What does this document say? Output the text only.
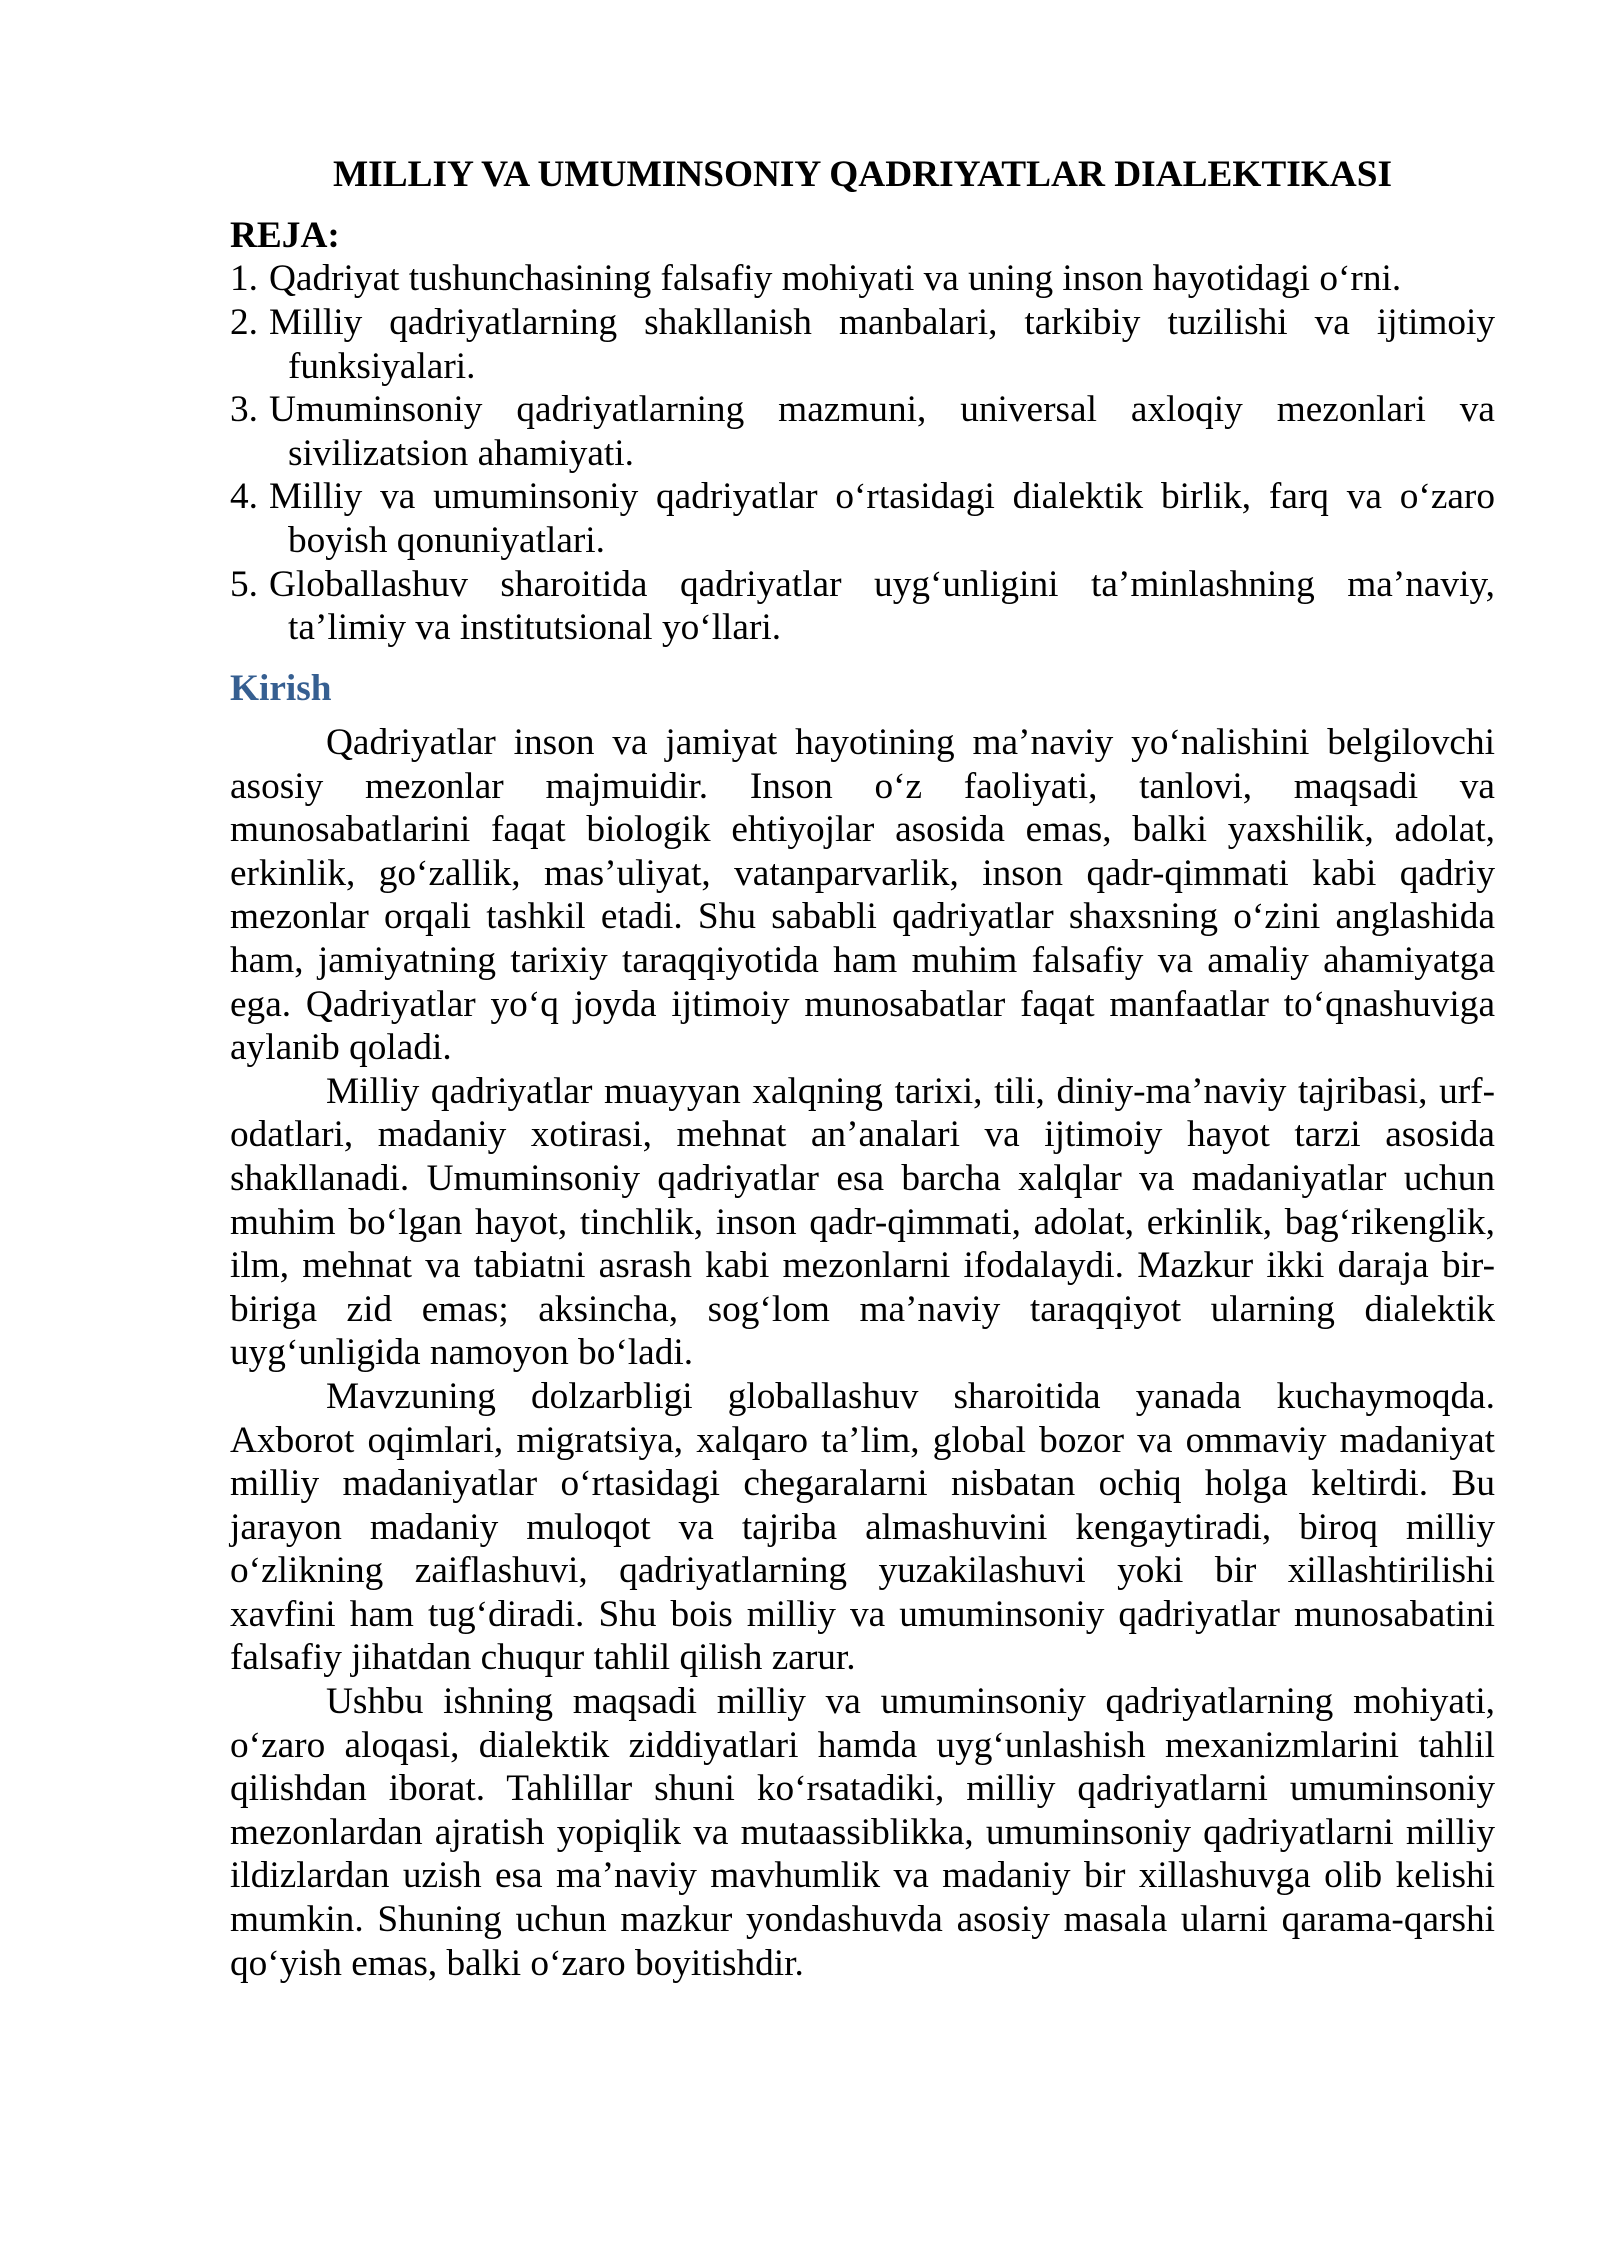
MILLIY VA UMUMINSONIY QADRIYATLAR DIALEKTIKASI
REJA:
1. Qadriyat tushunchasining falsafiy mohiyati va uning inson hayotidagi o‘rni.
2. Milliy qadriyatlarning shakllanish manbalari, tarkibiy tuzilishi va ijtimoiy
funksiyalari.
3. Umuminsoniy qadriyatlarning mazmuni, universal axloqiy mezonlari va
sivilizatsion ahamiyati.
4. Milliy va umuminsoniy qadriyatlar o‘rtasidagi dialektik birlik, farq va o‘zaro
boyish qonuniyatlari.
5. Globallashuv sharoitida qadriyatlar uyg‘unligini ta’minlashning ma’naviy,
ta’limiy va institutsional yo‘llari.
Kirish
Qadriyatlar inson va jamiyat hayotining ma’naviy yo‘nalishini belgilovchi
asosiy mezonlar majmuidir. Inson o‘z faoliyati, tanlovi, maqsadi va
munosabatlarini faqat biologik ehtiyojlar asosida emas, balki yaxshilik, adolat,
erkinlik, go‘zallik, mas’uliyat, vatanparvarlik, inson qadr-qimmati kabi qadriy
mezonlar orqali tashkil etadi. Shu sababli qadriyatlar shaxsning o‘zini anglashida
ham, jamiyatning tarixiy taraqqiyotida ham muhim falsafiy va amaliy ahamiyatga
ega. Qadriyatlar yo‘q joyda ijtimoiy munosabatlar faqat manfaatlar to‘qnashuviga
aylanib qoladi.
Milliy qadriyatlar muayyan xalqning tarixi, tili, diniy-ma’naviy tajribasi, urf-
odatlari, madaniy xotirasi, mehnat an’analari va ijtimoiy hayot tarzi asosida
shakllanadi. Umuminsoniy qadriyatlar esa barcha xalqlar va madaniyatlar uchun
muhim bo‘lgan hayot, tinchlik, inson qadr-qimmati, adolat, erkinlik, bag‘rikenglik,
ilm, mehnat va tabiatni asrash kabi mezonlarni ifodalaydi. Mazkur ikki daraja bir-
biriga zid emas; aksincha, sog‘lom ma’naviy taraqqiyot ularning dialektik
uyg‘unligida namoyon bo‘ladi.
Mavzuning dolzarbligi globallashuv sharoitida yanada kuchaymoqda.
Axborot oqimlari, migratsiya, xalqaro ta’lim, global bozor va ommaviy madaniyat
milliy madaniyatlar o‘rtasidagi chegaralarni nisbatan ochiq holga keltirdi. Bu
jarayon madaniy muloqot va tajriba almashuvini kengaytiradi, biroq milliy
o‘zlikning zaiflashuvi, qadriyatlarning yuzakilashuvi yoki bir xillashtirilishi
xavfini ham tug‘diradi. Shu bois milliy va umuminsoniy qadriyatlar munosabatini
falsafiy jihatdan chuqur tahlil qilish zarur.
Ushbu ishning maqsadi milliy va umuminsoniy qadriyatlarning mohiyati,
o‘zaro aloqasi, dialektik ziddiyatlari hamda uyg‘unlashish mexanizmlarini tahlil
qilishdan iborat. Tahlillar shuni ko‘rsatadiki, milliy qadriyatlarni umuminsoniy
mezonlardan ajratish yopiqlik va mutaassiblikka, umuminsoniy qadriyatlarni milliy
ildizlardan uzish esa ma’naviy mavhumlik va madaniy bir xillashuvga olib kelishi
mumkin. Shuning uchun mazkur yondashuvda asosiy masala ularni qarama-qarshi
qo‘yish emas, balki o‘zaro boyitishdir.
